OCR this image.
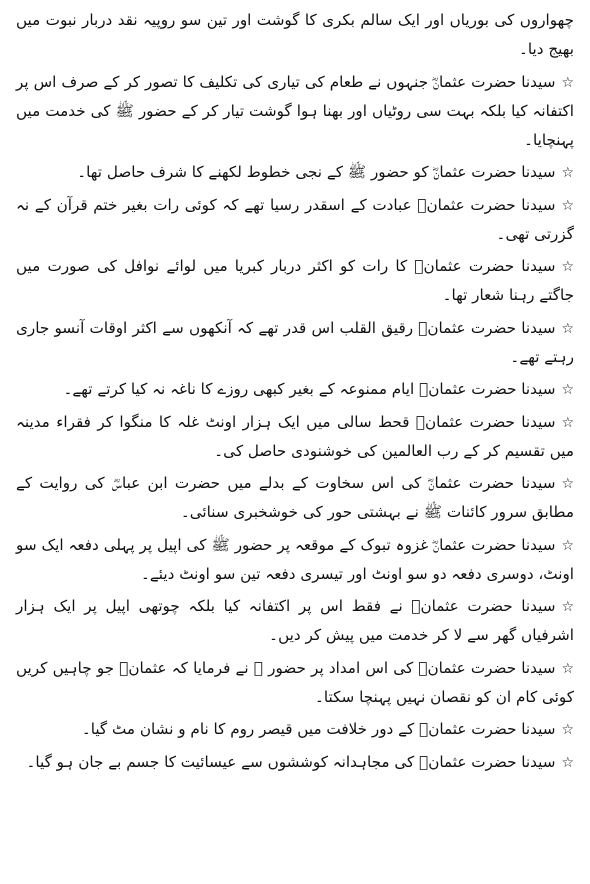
چھواروں کی بوریاں اور ایک سالم بکری کا گوشت اور تین سو روپیہ نقد دربار نبوت میں بھیج دیا۔

☆سیدنا حضرت عثمانؓ جنہوں نے طعام کی تیاری کی تکلیف کا تصور کر کے صرف اس پر اکتفانہ کیا بلکہ بہت سی روٹیاں اور بھنا ہوا گوشت تیار کر کے حضور ﷺ کی خدمت میں پہنچایا۔

☆سیدنا حضرت عثمانؓ کو حضور ﷺ کے نجی خطوط لکھنے کا شرف حاصل تھا۔

☆سیدنا حضرت عثمانؓ عبادت کے اسقدر رسیا تھے کہ کوئی رات بغیر ختم قرآن کے نہ گزرتی تھی۔

☆سیدنا حضرت عثمانؓ کا رات کو اکثر دربار کبریا میں لوائے نوافل کی صورت میں جاگتے رہنا شعار تھا۔

☆سیدنا حضرت عثمانؓ رقیق القلب اس قدر تھے کہ آنکھوں سے اکثر اوقات آنسو جاری رہتے تھے۔

☆سیدنا حضرت عثمانؓ ایام ممنوعہ کے بغیر کبھی روزے کا ناغہ نہ کیا کرتے تھے۔

☆سیدنا حضرت عثمانؓ قحط سالی میں ایک ہزار اونٹ غلہ کا منگوا کر فقراء مدینہ میں تقسیم کر کے رب العالمین کی خوشنودی حاصل کی۔

☆سیدنا حضرت عثمانؓ کی اس سخاوت کے بدلے میں حضرت ابن عباسؓ کی روایت کے مطابق سرور کائنات ﷺ نے بہشتی حور کی خوشخبری سنائی۔

☆سیدنا حضرت عثمانؓ غزوہ تبوک کے موقعہ پر حضور ﷺ کی اپیل پر پہلی دفعہ ایک سو اونٹ، دوسری دفعہ دو سو اونٹ اور تیسری دفعہ تین سو اونٹ دیئے۔

☆سیدنا حضرت عثمانؓ نے فقط اس پر اکتفانہ کیا بلکہ چوتھی اپیل پر ایک ہزار اشرفیاں گھر سے لا کر خدمت میں پیش کر دیں۔

☆سیدنا حضرت عثمانؓ کی اس امداد پر حضور ﷺ نے فرمایا کہ عثمانؓ جو چاہیں کریں کوئی کام ان کو نقصان نہیں پہنچا سکتا۔

☆سیدنا حضرت عثمانؓ کے دور خلافت میں قیصر روم کا نام و نشان مٹ گیا۔

☆سیدنا حضرت عثمانؓ کی مجاہدانہ کوششوں سے عیسائیت کا جسم بے جان ہو گیا۔
